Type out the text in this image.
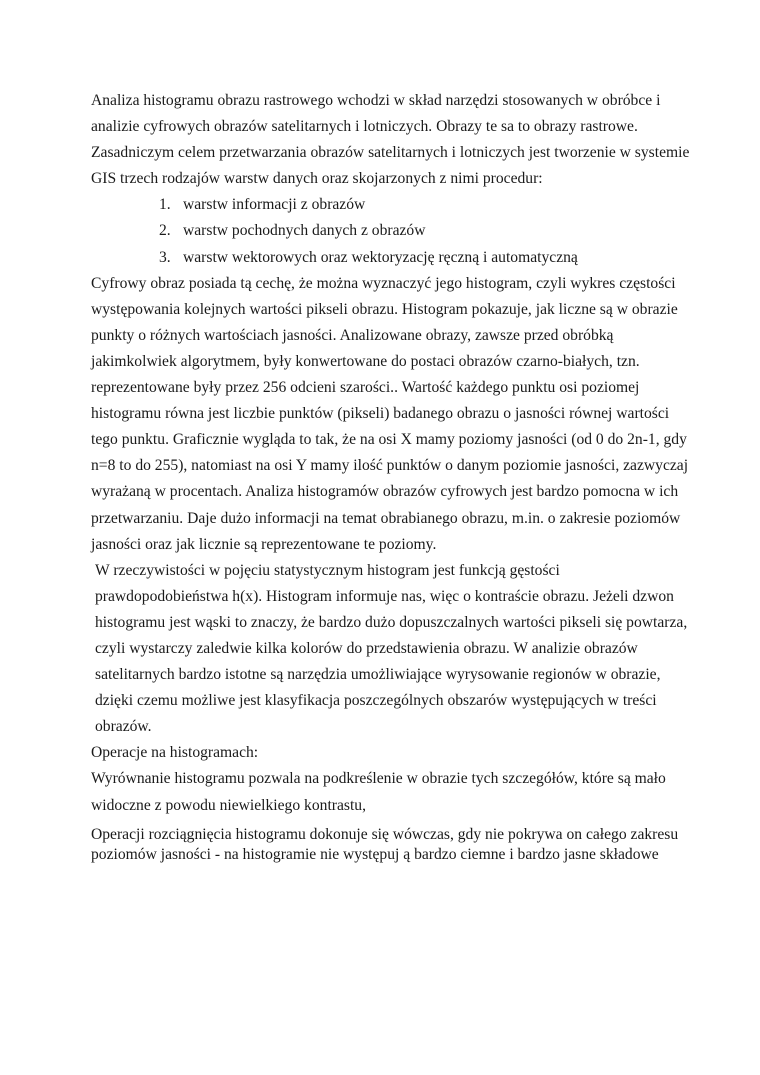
Analiza histogramu obrazu rastrowego wchodzi w skład narzędzi stosowanych w obróbce i analizie cyfrowych obrazów satelitarnych i lotniczych. Obrazy te sa to obrazy rastrowe. Zasadniczym celem przetwarzania obrazów satelitarnych i lotniczych jest tworzenie w systemie GIS trzech rodzajów warstw danych oraz skojarzonych z nimi procedur:

1. warstw informacji z obrazów
2. warstw pochodnych danych z obrazów
3. warstw wektorowych oraz wektoryzację ręczną i automatyczną

Cyfrowy obraz posiada tą cechę, że można wyznaczyć jego histogram, czyli wykres częstości występowania kolejnych wartości pikseli obrazu. Histogram pokazuje, jak liczne są w obrazie punkty o różnych wartościach jasności. Analizowane obrazy, zawsze przed obróbką jakimkolwiek algorytmem, były konwertowane do postaci obrazów czarno-białych, tzn. reprezentowane były przez 256 odcieni szarości.. Wartość każdego punktu osi poziomej histogramu równa jest liczbie punktów (pikseli) badanego obrazu o jasności równej wartości tego punktu. Graficznie wygląda to tak, że na osi X mamy poziomy jasności (od 0 do 2n-1, gdy n=8 to do 255), natomiast na osi Y mamy ilość punktów o danym poziomie jasności, zazwyczaj wyrażaną w procentach. Analiza histogramów obrazów cyfrowych jest bardzo pomocna w ich przetwarzaniu. Daje dużo informacji na temat obrabianego obrazu, m.in. o zakresie poziomów jasności oraz jak licznie są reprezentowane te poziomy.

W rzeczywistości w pojęciu statystycznym histogram jest funkcją gęstości prawdopodobieństwa h(x). Histogram informuje nas, więc o kontraście obrazu. Jeżeli dzwon histogramu jest wąski to znaczy, że bardzo dużo dopuszczalnych wartości pikseli się powtarza, czyli wystarczy zaledwie kilka kolorów do przedstawienia obrazu. W analizie obrazów satelitarnych bardzo istotne są narzędzia umożliwiające wyrysowanie regionów w obrazie, dzięki czemu możliwe jest klasyfikacja poszczególnych obszarów występujących w treści obrazów.

Operacje na histogramach:

Wyrównanie histogramu pozwala na podkreślenie w obrazie tych szczegółów, które są mało widoczne z powodu niewielkiego kontrastu,

Operacji rozciągnięcia histogramu dokonuje się wówczas, gdy nie pokrywa on całego zakresu poziomów jasności - na histogramie nie występuj ą bardzo ciemne i bardzo jasne składowe
